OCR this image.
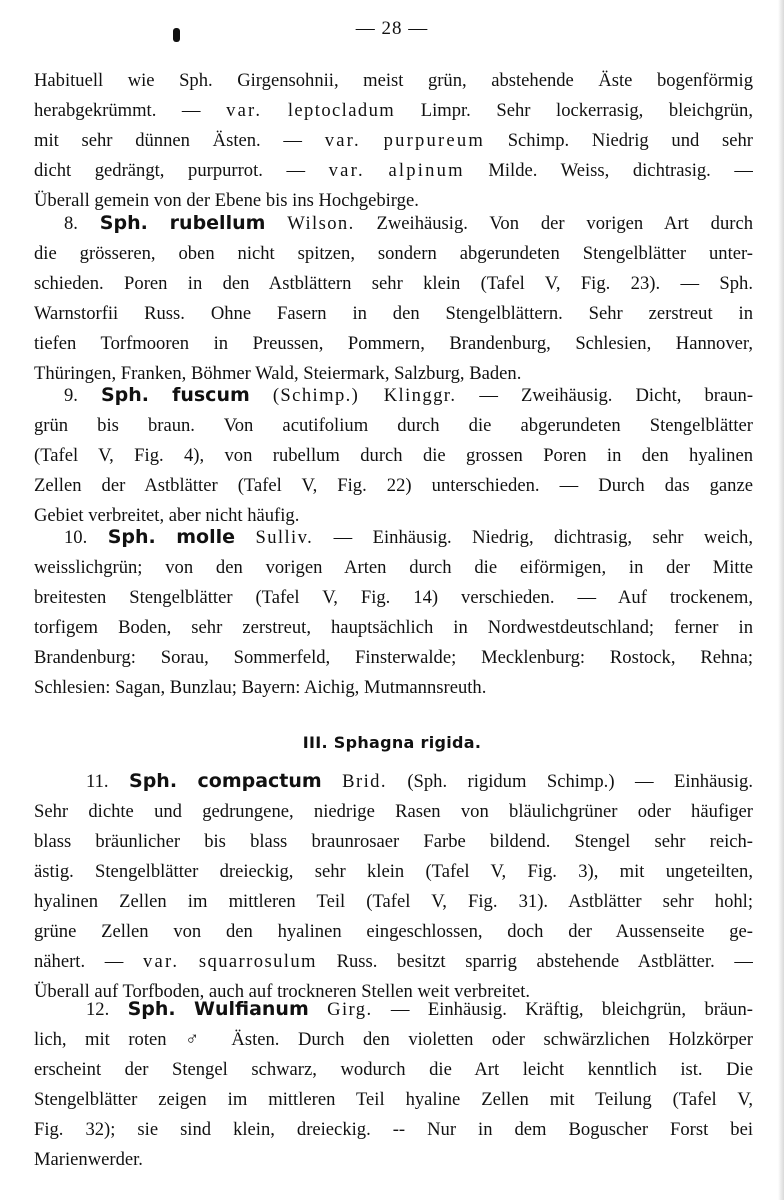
— 28 —
Habituell wie Sph. Girgensohnii, meist grün, abstehende Äste bogenförmig
herabgekrümmt. — var. leptocladum Limpr. Sehr lockerrasig, bleichgrün,
mit sehr dünnen Ästen. — var. purpureum Schimp. Niedrig und sehr
dicht gedrängt, purpurrot. — var. alpinum Milde. Weiss, dichtrasig. —
Überall gemein von der Ebene bis ins Hochgebirge.
8. Sph. rubellum Wilson. Zweihäusig. Von der vorigen Art durch
die grösseren, oben nicht spitzen, sondern abgerundeten Stengelblätter unter-
schieden. Poren in den Astblättern sehr klein (Tafel V, Fig. 23). — Sph.
Warnstorfii Russ. Ohne Fasern in den Stengelblättern. Sehr zerstreut in
tiefen Torfmooren in Preussen, Pommern, Brandenburg, Schlesien, Hannover,
Thüringen, Franken, Böhmer Wald, Steiermark, Salzburg, Baden.
9. Sph. fuscum (Schimp.) Klinggr. — Zweihäusig. Dicht, braun-
grün bis braun. Von acutifolium durch die abgerundeten Stengelblätter
(Tafel V, Fig. 4), von rubellum durch die grossen Poren in den hyalinen
Zellen der Astblätter (Tafel V, Fig. 22) unterschieden. — Durch das ganze
Gebiet verbreitet, aber nicht häufig.
10. Sph. molle Sulliv. — Einhäusig. Niedrig, dichtrasig, sehr weich,
weisslichgrün; von den vorigen Arten durch die eiförmigen, in der Mitte
breitesten Stengelblätter (Tafel V, Fig. 14) verschieden. — Auf trockenem,
torfigem Boden, sehr zerstreut, hauptsächlich in Nordwestdeutschland; ferner in
Brandenburg: Sorau, Sommerfeld, Finsterwalde; Mecklenburg: Rostock, Rehna;
Schlesien: Sagan, Bunzlau; Bayern: Aichig, Mutmannsreuth.
III. Sphagna rigida.
11. Sph. compactum Brid. (Sph. rigidum Schimp.) — Einhäusig.
Sehr dichte und gedrungene, niedrige Rasen von bläulichgrüner oder häufiger
blass bräunlicher bis blass braunrosaer Farbe bildend. Stengel sehr reich-
ästig. Stengelblätter dreieckig, sehr klein (Tafel V, Fig. 3), mit ungeteilten,
hyalinen Zellen im mittleren Teil (Tafel V, Fig. 31). Astblätter sehr hohl;
grüne Zellen von den hyalinen eingeschlossen, doch der Aussenseite ge-
nähert. — var. squarrosulum Russ. besitzt sparrig abstehende Astblätter. —
Überall auf Torfboden, auch auf trockneren Stellen weit verbreitet.
12. Sph. Wulfianum Girg. — Einhäusig. Kräftig, bleichgrün, bräun-
lich, mit roten ♂ Ästen. Durch den violetten oder schwärzlichen Holzkörper
erscheint der Stengel schwarz, wodurch die Art leicht kenntlich ist. Die
Stengelblätter zeigen im mittleren Teil hyaline Zellen mit Teilung (Tafel V,
Fig. 32); sie sind klein, dreieckig. -- Nur in dem Boguscher Forst bei
Marienwerder.
